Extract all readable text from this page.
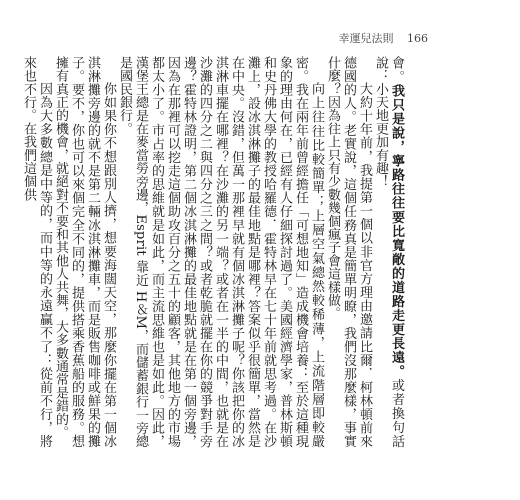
幸運兒法則 166

會。我只是說，寧路往往要比寬敞的道路走更長遠。或者換句話說：小天地更加有趣！

大約十年前，我提第一個以非官方理由邀請比爾．柯林頓前來德國的人。老實說，這個任務真是簡單明瞭，我們沒那麼樣，事實什麼？因為往上只有少數幾個瘋子會這樣做。

向上往往比較簡單；上層空氣總然較稀薄，上流階層即較嚴密。我在兩年前曾經擔任「可想地知」造成機會培養：至於這種現象的理由何在，已經有人仔細探討過了。美國經濟學家，普林斯頓和史丹佛大學的教授哈羅德．霍特林早在七十年前就思考過。在沙灘上，設冰淇淋攤子的最佳地點是哪裡？答案似乎很簡單，當然是在中央。沒錯，但萬一那裡早就有個冰淇淋攤子呢？你該把你的冰淇淋車擺在哪裡？在沙灘的另一端？或者在一半的中間，也就是在沙灘的四分之二與四分之三之間？或者乾脆就擺在你的競爭對手旁邊？霍特林證明，第二個冰淇淋攤的最佳地點就是在第一個旁邊，因為在那裡可以挖走這個助攻百分之五十的顧客，其他地方的市場都太小了。市占率的思維就是如此，而主流思維也是如此。因此，漢堡王總是在麥當勞旁邊，Esprit 靠近 H＆M，而儲蓄銀行一旁總是國民銀行。

你如果你不想跟別人擠，想要海闊天空，那麼你擺在第一個冰淇淋攤旁邊的就不是第二輛冰淇淋攤車，而是販售咖啡或鮮果的攤子。要不，你也可以來個完全不同的，提供搭乘香蕉船的服務。想擁有真正的機會，就絕對不要和其他人共舞，大多數通常是錯的。

因為大多數總是中等的，而中等的永遠贏不了：從前不行，將來也不行。在我們這個供
